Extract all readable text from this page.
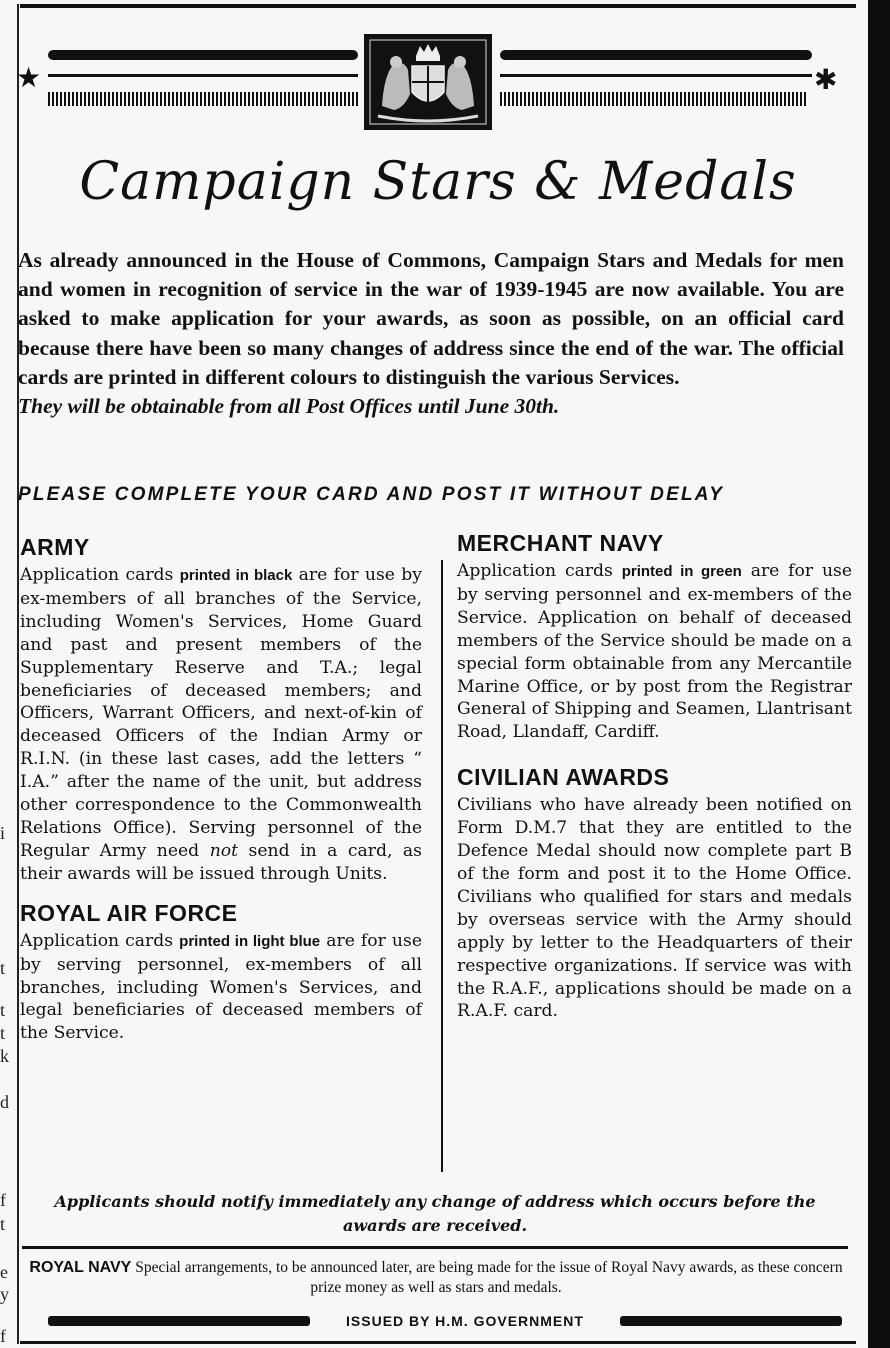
i
t
t
t
k
d
f
t
e
y
f
★	✱
Campaign Stars & Medals
As already announced in the House of Commons, Campaign Stars and Medals for men and women in recognition of service in the war of 1939-1945 are now available. You are asked to make application for your awards, as soon as possible, on an official card because there have been so many changes of address since the end of the war. The official cards are printed in different colours to distinguish the various Services.
They will be obtainable from all Post Offices until June 30th.
PLEASE COMPLETE YOUR CARD AND POST IT WITHOUT DELAY
ARMY

Application cards printed in black are for use by ex-members of all branches of the Service, including Women's Services, Home Guard and past and present members of the Supplementary Reserve and T.A.; legal beneficiaries of deceased members; and Officers, Warrant Officers, and next-of-kin of deceased Officers of the Indian Army or R.I.N. (in these last cases, add the letters “ I.A.” after the name of the unit, but address other correspondence to the Commonwealth Relations Office). Serving personnel of the Regular Army need not send in a card, as their awards will be issued through Units.

ROYAL AIR FORCE

Application cards printed in light blue are for use by serving personnel, ex-members of all branches, including Women's Services, and legal beneficiaries of deceased members of the Service.

MERCHANT NAVY

Application cards printed in green are for use by serving personnel and ex-members of the Service. Application on behalf of deceased members of the Service should be made on a special form obtainable from any Mercantile Marine Office, or by post from the Registrar General of Shipping and Seamen, Llantrisant Road, Llandaff, Cardiff.

CIVILIAN AWARDS

Civilians who have already been notified on Form D.M.7 that they are entitled to the Defence Medal should now complete part B of the form and post it to the Home Office. Civilians who qualified for stars and medals by overseas service with the Army should apply by letter to the Headquarters of their respective organizations. If service was with the R.A.F., applications should be made on a R.A.F. card.

Applicants should notify immediately any change of address which occurs before the awards are received.
ROYAL NAVY Special arrangements, to be announced later, are being made for the issue of Royal Navy awards, as these concern prize money as well as stars and medals.
ISSUED BY H.M. GOVERNMENT
